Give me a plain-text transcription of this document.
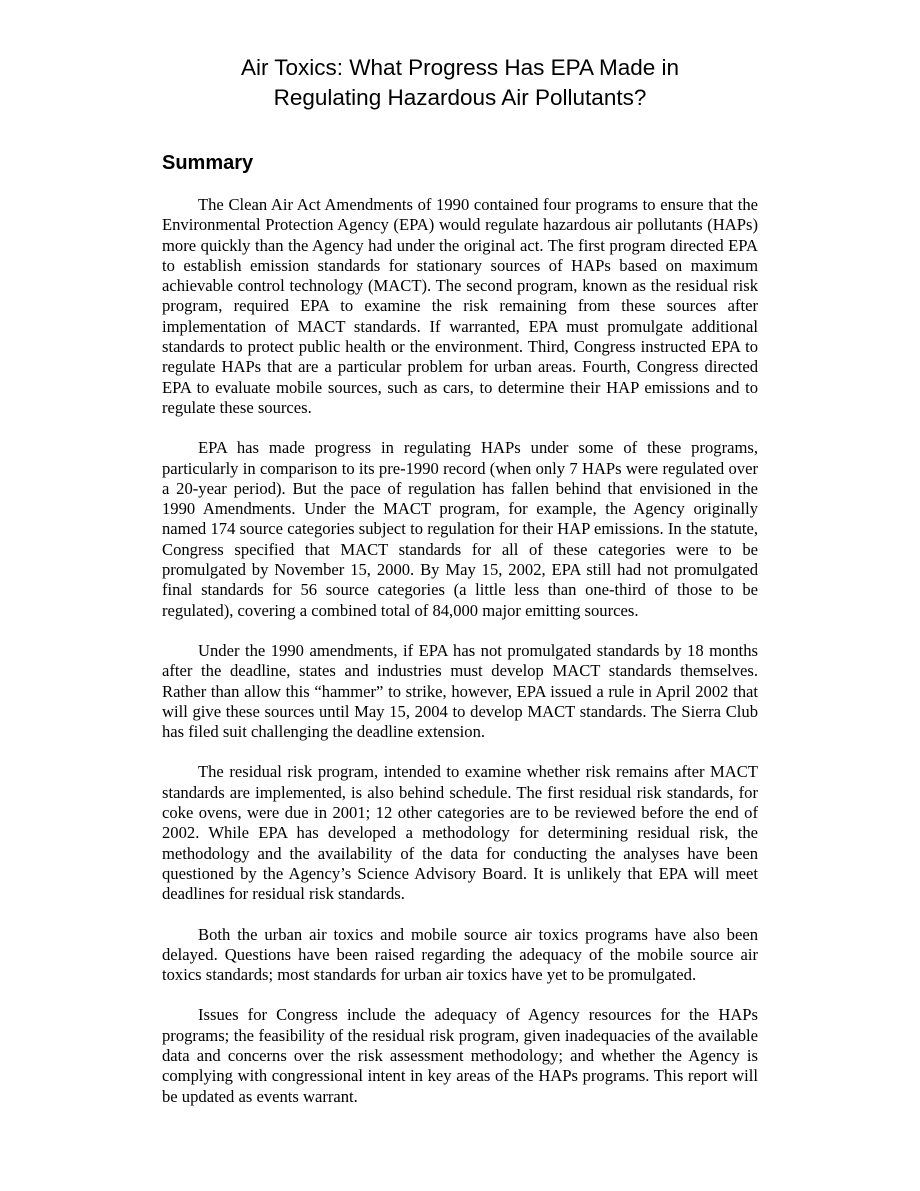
Air Toxics: What Progress Has EPA Made in
Regulating Hazardous Air Pollutants?
Summary

The Clean Air Act Amendments of 1990 contained four programs to ensure that the Environmental Protection Agency (EPA) would regulate hazardous air pollutants (HAPs) more quickly than the Agency had under the original act. The first program directed EPA to establish emission standards for stationary sources of HAPs based on maximum achievable control technology (MACT). The second program, known as the residual risk program, required EPA to examine the risk remaining from these sources after implementation of MACT standards. If warranted, EPA must promulgate additional standards to protect public health or the environment. Third, Congress instructed EPA to regulate HAPs that are a particular problem for urban areas. Fourth, Congress directed EPA to evaluate mobile sources, such as cars, to determine their HAP emissions and to regulate these sources.

EPA has made progress in regulating HAPs under some of these programs, particularly in comparison to its pre-1990 record (when only 7 HAPs were regulated over a 20-year period). But the pace of regulation has fallen behind that envisioned in the 1990 Amendments. Under the MACT program, for example, the Agency originally named 174 source categories subject to regulation for their HAP emissions. In the statute, Congress specified that MACT standards for all of these categories were to be promulgated by November 15, 2000. By May 15, 2002, EPA still had not promulgated final standards for 56 source categories (a little less than one-third of those to be regulated), covering a combined total of 84,000 major emitting sources.

Under the 1990 amendments, if EPA has not promulgated standards by 18 months after the deadline, states and industries must develop MACT standards themselves. Rather than allow this “hammer” to strike, however, EPA issued a rule in April 2002 that will give these sources until May 15, 2004 to develop MACT standards. The Sierra Club has filed suit challenging the deadline extension.

The residual risk program, intended to examine whether risk remains after MACT standards are implemented, is also behind schedule. The first residual risk standards, for coke ovens, were due in 2001; 12 other categories are to be reviewed before the end of 2002. While EPA has developed a methodology for determining residual risk, the methodology and the availability of the data for conducting the analyses have been questioned by the Agency’s Science Advisory Board. It is unlikely that EPA will meet deadlines for residual risk standards.

Both the urban air toxics and mobile source air toxics programs have also been delayed. Questions have been raised regarding the adequacy of the mobile source air toxics standards; most standards for urban air toxics have yet to be promulgated.

Issues for Congress include the adequacy of Agency resources for the HAPs programs; the feasibility of the residual risk program, given inadequacies of the available data and concerns over the risk assessment methodology; and whether the Agency is complying with congressional intent in key areas of the HAPs programs. This report will be updated as events warrant.
